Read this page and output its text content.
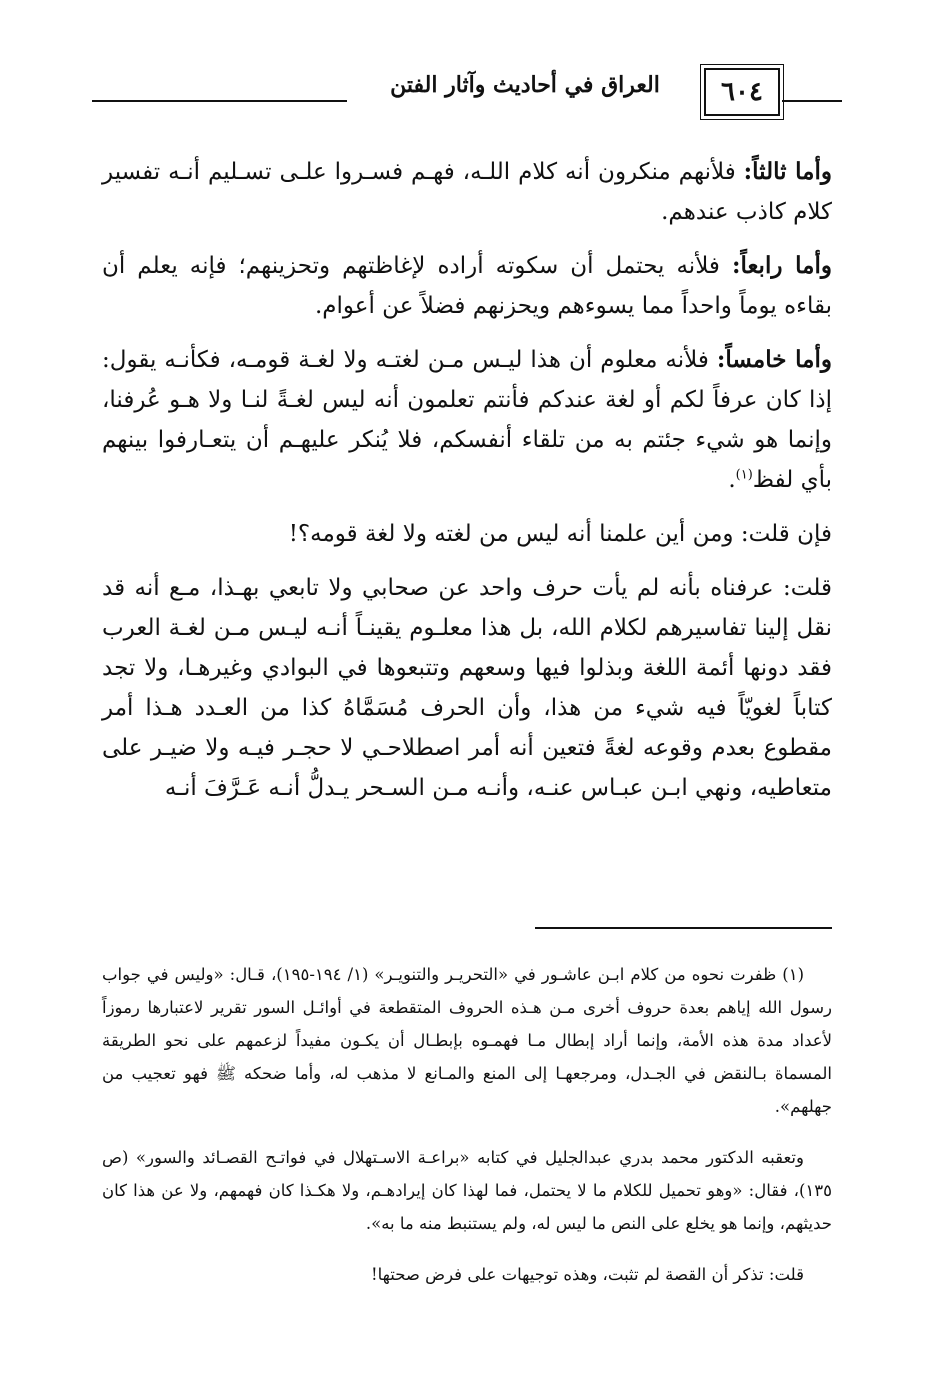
العراق في أحاديث وآثار الفتن	٦٠٤

وأما ثالثاً: فلأنهم منكرون أنه كلام اللـه، فهـم فسـروا علـى تسـليم أنـه تفسير كلام كاذب عندهم.

وأما رابعاً: فلأنه يحتمل أن سكوته أراده لإغاظتهم وتحزينهم؛ فإنه يعلم أن بقاءه يوماً واحداً مما يسوءهم ويحزنهم فضلاً عن أعوام.

وأما خامساً: فلأنه معلوم أن هذا ليـس مـن لغتـه ولا لغـة قومـه، فكأنـه يقول: إذا كان عرفاً لكم أو لغة عندكم فأنتم تعلمون أنه ليس لغـةً لنـا ولا هـو عُرفنا، وإنما هو شيء جئتم به من تلقاء أنفسكم، فلا يُنكر عليهـم أن يتعـارفوا بينهم بأي لفظ$^{(١)}$.

فإن قلت: ومن أين علمنا أنه ليس من لغته ولا لغة قومه؟!

قلت: عرفناه بأنه لم يأت حرف واحد عن صحابي ولا تابعي بهـذا، مـع أنه قد نقل إلينا تفاسيرهم لكلام الله، بل هذا معلـوم يقينـاً أنـه ليـس مـن لغـة العرب فقد دونها أئمة اللغة وبذلوا فيها وسعهم وتتبعوها في البوادي وغيرهـا، ولا تجد كتاباً لغويّاً فيه شيء من هذا، وأن الحرف مُسَمَّاهُ كذا من العـدد هـذا أمر مقطوع بعدم وقوعه لغةً فتعين أنه أمر اصطلاحـي لا حجـر فيـه ولا ضيـر على متعاطيه، ونهي ابـن عبـاس عنـه، وأنـه مـن السـحر يـدلُّ أنـه عَـرَّفَ أنـه

(١) ظفرت نحوه من كلام ابـن عاشـور في «التحريـر والتنويـر» (١/ ١٩٤-١٩٥)، قـال: «وليس في جواب رسول الله إياهم بعدة حروف أخرى مـن هـذه الحروف المتقطعة في أوائـل السور تقرير لاعتبارها رموزاً لأعداد مدة هذه الأمة، وإنما أراد إبطال مـا فهمـوه بإبطـال أن يكـون مفيداً لزعمهم على نحو الطريقة المسماة بـالنقض في الجـدل، ومرجعهـا إلى المنع والمـانع لا مذهب له، وأما ضحكه ﷺ فهو تعجيب من جهلهم».

وتعقبه الدكتور محمد بدري عبدالجليل في كتابه «براعـة الاسـتهلال في فواتـح القصـائد والسور» (ص ١٣٥)، فقال: «وهو تحميل للكلام ما لا يحتمل، فما لهذا كان إيرادهـم، ولا هكـذا كان فهمهم، ولا عن هذا كان حديثهم، وإنما هو يخلع على النص ما ليس له، ولم يستنبط منه ما به».

قلت: تذكر أن القصة لم تثبت، وهذه توجيهات على فرض صحتها!
